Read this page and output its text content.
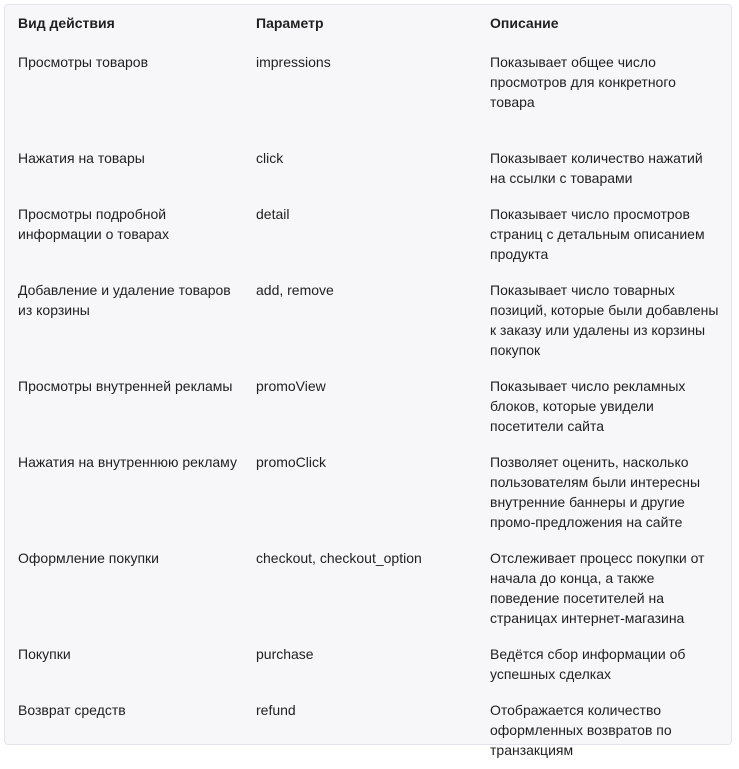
Вид действия	Параметр	Описание
Просмотры товаров	impressions	Показывает общее число просмотров для конкретного товара
Нажатия на товары	click	Показывает количество нажатий на ссылки с товарами
Просмотры подробной информации о товарах	detail	Показывает число просмотров страниц с детальным описанием продукта
Добавление и удаление товаров из корзины	add, remove	Показывает число товарных позиций, которые были добавлены к заказу или удалены из корзины покупок
Просмотры внутренней рекламы	promoView	Показывает число рекламных блоков, которые увидели посетители сайта
Нажатия на внутреннюю рекламу	promoClick	Позволяет оценить, насколько пользователям были интересны внутренние баннеры и другие промо-предложения на сайте
Оформление покупки	checkout, checkout_option	Отслеживает процесс покупки от начала до конца, а также поведение посетителей на страницах интернет-магазина
Покупки	purchase	Ведётся сбор информации об успешных сделках
Возврат средств	refund	Отображается количество оформленных возвратов по транзакциям
